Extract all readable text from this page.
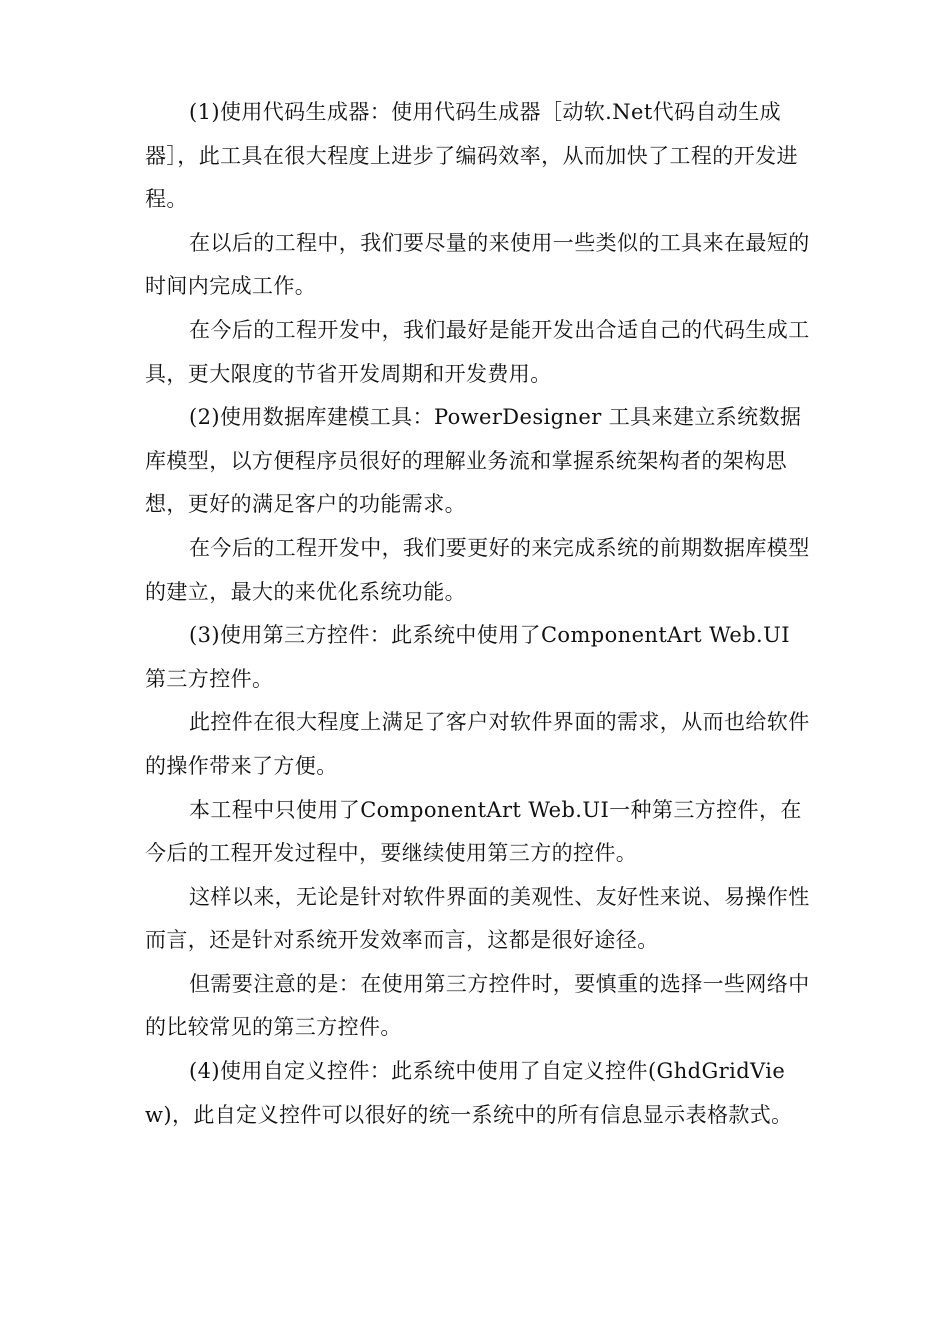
(1)使用代码生成器：使用代码生成器［动软.Net代码自动生成器］，此工具在很大程度上进步了编码效率，从而加快了工程的开发进程。

在以后的工程中，我们要尽量的来使用一些类似的工具来在最短的时间内完成工作。

在今后的工程开发中，我们最好是能开发出合适自己的代码生成工具，更大限度的节省开发周期和开发费用。

(2)使用数据库建模工具：PowerDesigner 工具来建立系统数据库模型，以方便程序员很好的理解业务流和掌握系统架构者的架构思想，更好的满足客户的功能需求。

在今后的工程开发中，我们要更好的来完成系统的前期数据库模型的建立，最大的来优化系统功能。

(3)使用第三方控件：此系统中使用了ComponentArt Web.UI 第三方控件。

此控件在很大程度上满足了客户对软件界面的需求，从而也给软件的操作带来了方便。

本工程中只使用了ComponentArt Web.UI一种第三方控件，在今后的工程开发过程中，要继续使用第三方的控件。

这样以来，无论是针对软件界面的美观性、友好性来说、易操作性而言，还是针对系统开发效率而言，这都是很好途径。

但需要注意的是：在使用第三方控件时，要慎重的选择一些网络中的比较常见的第三方控件。

(4)使用自定义控件：此系统中使用了自定义控件(GhdGridView)，此自定义控件可以很好的统一系统中的所有信息显示表格款式。
